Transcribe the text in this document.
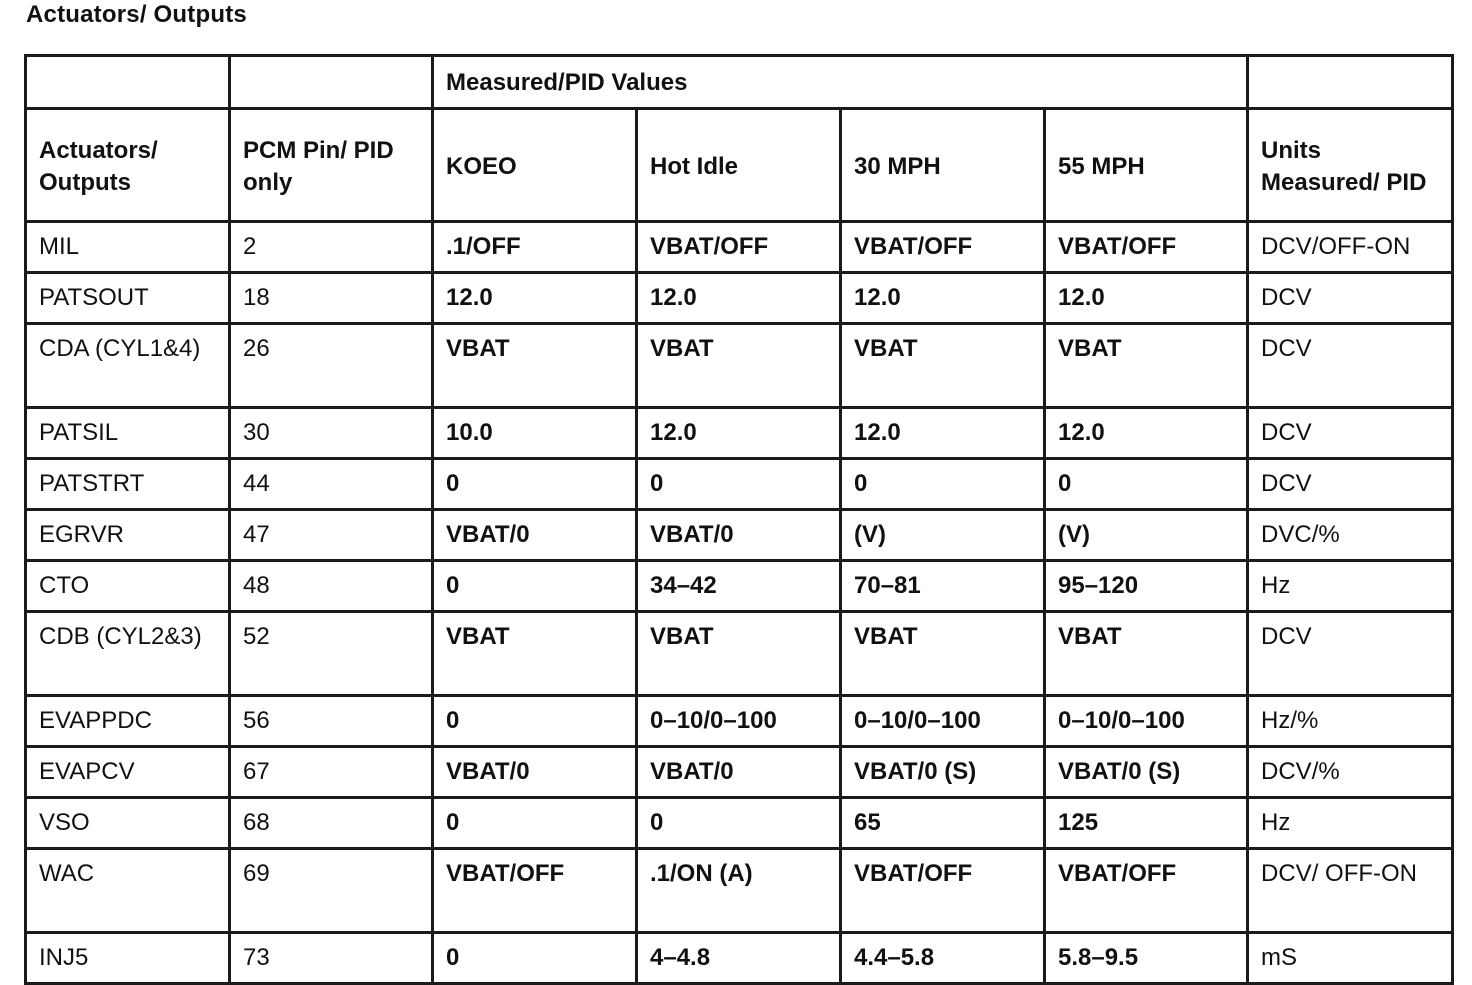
Actuators/ Outputs
		Measured/PID Values				
Actuators/ Outputs	PCM Pin/ PID only	KOEO	Hot Idle	30 MPH	55 MPH	Units Measured/ PID
MIL	2	.1/OFF	VBAT/OFF	VBAT/OFF	VBAT/OFF	DCV/OFF-ON
PATSOUT	18	12.0	12.0	12.0	12.0	DCV
CDA (CYL1&4)	26	VBAT	VBAT	VBAT	VBAT	DCV
PATSIL	30	10.0	12.0	12.0	12.0	DCV
PATSTRT	44	0	0	0	0	DCV
EGRVR	47	VBAT/0	VBAT/0	(V)	(V)	DVC/%
CTO	48	0	34–42	70–81	95–120	Hz
CDB (CYL2&3)	52	VBAT	VBAT	VBAT	VBAT	DCV
EVAPPDC	56	0	0–10/0–100	0–10/0–100	0–10/0–100	Hz/%
EVAPCV	67	VBAT/0	VBAT/0	VBAT/0 (S)	VBAT/0 (S)	DCV/%
VSO	68	0	0	65	125	Hz
WAC	69	VBAT/OFF	.1/ON (A)	VBAT/OFF	VBAT/OFF	DCV/ OFF-ON
INJ5	73	0	4–4.8	4.4–5.8	5.8–9.5	mS
